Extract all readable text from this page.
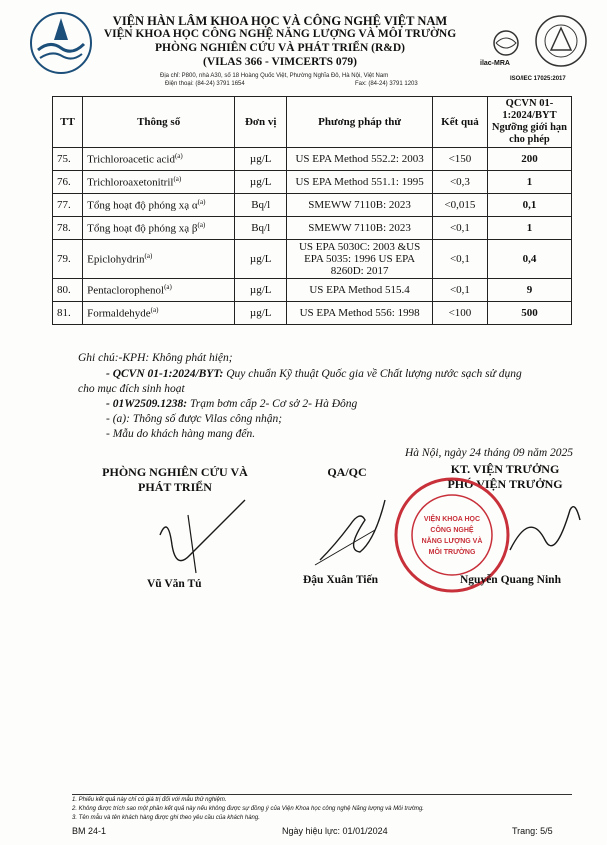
VIỆN HÀN LÂM KHOA HỌC VÀ CÔNG NGHỆ VIỆT NAM
VIỆN KHOA HỌC CÔNG NGHỆ NĂNG LƯỢNG VÀ MÔI TRƯỜNG
PHÒNG NGHIÊN CỨU VÀ PHÁT TRIỂN (R&D)
(VILAS 366 - VIMCERTS 079)
Địa chỉ: P800, nhà A30, số 18 Hoàng Quốc Việt, Phường Nghĩa Đô, Hà Nội, Việt Nam
Điện thoại: (84-24) 3791 1654	Fax: (84-24) 3791 1203
ilac-MRA
ISO/IEC 17025:2017
TT	Thông số	Đơn vị	Phương pháp thử	Kết quả	QCVN 01-1:2024/BYT
Ngưỡng giới hạn cho phép
75.	Trichloroacetic acid$^{(a)}$	µg/L	US EPA Method 552.2: 2003	<150	200
76.	Trichloroaxetonitril$^{(a)}$	µg/L	US EPA Method 551.1: 1995	<0,3	1
77.	Tổng hoạt độ phóng xạ $\alpha^{(a)}$	Bq/l	SMEWW 7110B: 2023	<0,015	0,1
78.	Tổng hoạt độ phóng xạ $\beta^{(a)}$	Bq/l	SMEWW 7110B: 2023	<0,1	1
79.	Epiclohydrin$^{(a)}$	µg/L	US EPA 5030C: 2003 &US EPA 5035: 1996 US EPA 8260D: 2017	<0,1	0,4
80.	Pentaclorophenol$^{(a)}$	µg/L	US EPA Method 515.4	<0,1	9
81.	Formaldehyde$^{(a)}$	µg/L	US EPA Method 556: 1998	<100	500
Ghi chú:-KPH: Không phát hiện;
- QCVN 01-1:2024/BYT: Quy chuẩn Kỹ thuật Quốc gia về Chất lượng nước sạch sử dụng
cho mục đích sinh hoạt
- 01W2509.1238: Trạm bơm cấp 2- Cơ sở 2- Hà Đông
- (a): Thông số được Vilas công nhận;
- Mẫu do khách hàng mang đến.
Hà Nội, ngày 24 tháng 09 năm 2025
PHÒNG NGHIÊN CỨU VÀ
PHÁT TRIỂN
QA/QC	KT. VIỆN TRƯỞNG
PHÓ VIỆN TRƯỞNG
VIỆN KHOA HỌC
CÔNG NGHỆ
NĂNG LƯỢNG VÀ
MÔI TRƯỜNG
Vũ Văn Tú	Đậu Xuân Tiến	Nguyễn Quang Ninh
1. Phiếu kết quả này chỉ có giá trị đối với mẫu thử nghiệm.
2. Không được trích sao một phần kết quả này nếu không được sự đồng ý của Viện Khoa học công nghệ Năng lượng và Môi trường.
3. Tên mẫu và tên khách hàng được ghi theo yêu cầu của khách hàng.
BM 24-1	Ngày hiệu lực: 01/01/2024	Trang: 5/5
